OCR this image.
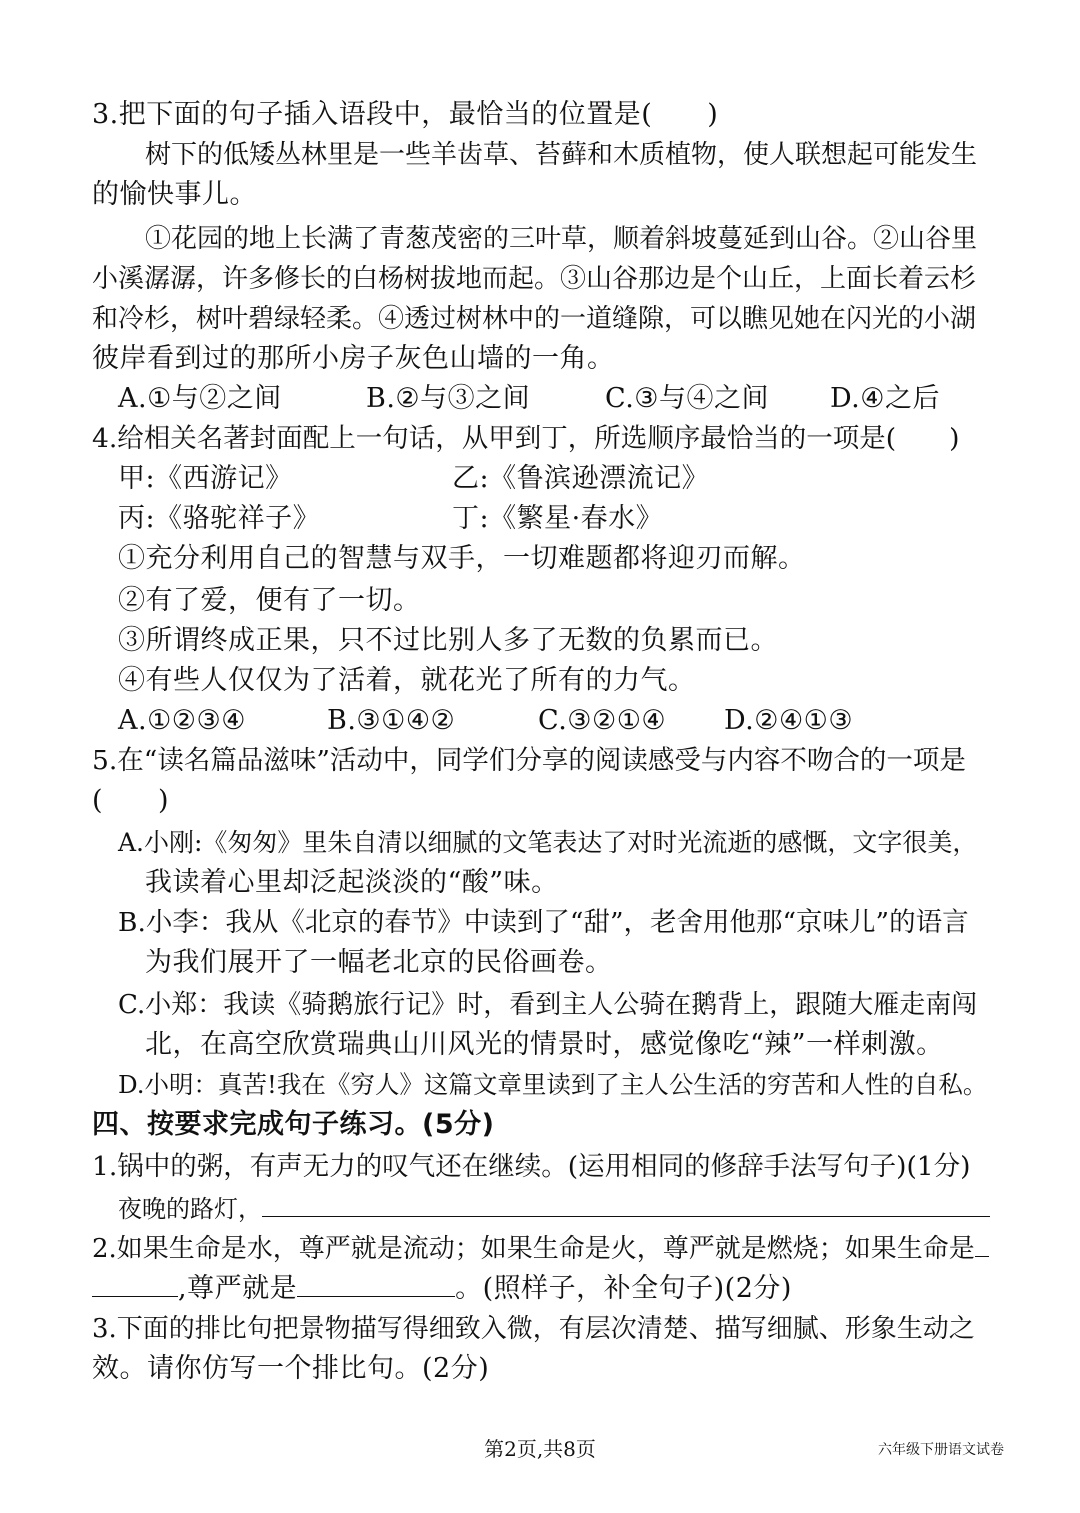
3.把下面的句子插入语段中，最恰当的位置是(　　)
树下的低矮丛林里是一些羊齿草、苔藓和木质植物，使人联想起可能发生
的愉快事儿。
①花园的地上长满了青葱茂密的三叶草，顺着斜坡蔓延到山谷。②山谷里
小溪潺潺，许多修长的白杨树拔地而起。③山谷那边是个山丘，上面长着云杉
和冷杉，树叶碧绿轻柔。④透过树林中的一道缝隙，可以瞧见她在闪光的小湖
彼岸看到过的那所小房子灰色山墙的一角。
A.①与②之间	B.②与③之间	C.③与④之间 D.④之后
4.给相关名著封面配上一句话，从甲到丁，所选顺序最恰当的一项是(　　)
甲:《西游记》	乙:《鲁滨逊漂流记》
丙:《骆驼祥子》	丁:《繁星·春水》
①充分利用自己的智慧与双手，一切难题都将迎刃而解。
②有了爱，便有了一切。
③所谓终成正果，只不过比别人多了无数的负累而已。
④有些人仅仅为了活着，就花光了所有的力气。
A.①②③④	B.③①④②	C.③②①④ D.②④①③
5.在“读名篇品滋味”活动中，同学们分享的阅读感受与内容不吻合的一项是
(　　)
A.小刚:《匆匆》里朱自清以细腻的文笔表达了对时光流逝的感慨，文字很美，
我读着心里却泛起淡淡的“酸”味。
B.小李：我从《北京的春节》中读到了“甜”，老舍用他那“京味儿”的语言
为我们展开了一幅老北京的民俗画卷。
C.小郑：我读《骑鹅旅行记》时，看到主人公骑在鹅背上，跟随大雁走南闯
北，在高空欣赏瑞典山川风光的情景时，感觉像吃“辣”一样刺激。
D.小明：真苦!我在《穷人》这篇文章里读到了主人公生活的穷苦和人性的自私。
四、按要求完成句子练习。(5分)
1.锅中的粥，有声无力的叹气还在继续。(运用相同的修辞手法写句子)(1分)
夜晚的路灯，
2.如果生命是水，尊严就是流动；如果生命是火，尊严就是燃烧；如果生命是
,尊严就是	。(照样子，补全句子)(2分)
3.下面的排比句把景物描写得细致入微，有层次清楚、描写细腻、形象生动之
效。请你仿写一个排比句。(2分)
第2页,共8页	六年级下册语文试卷
